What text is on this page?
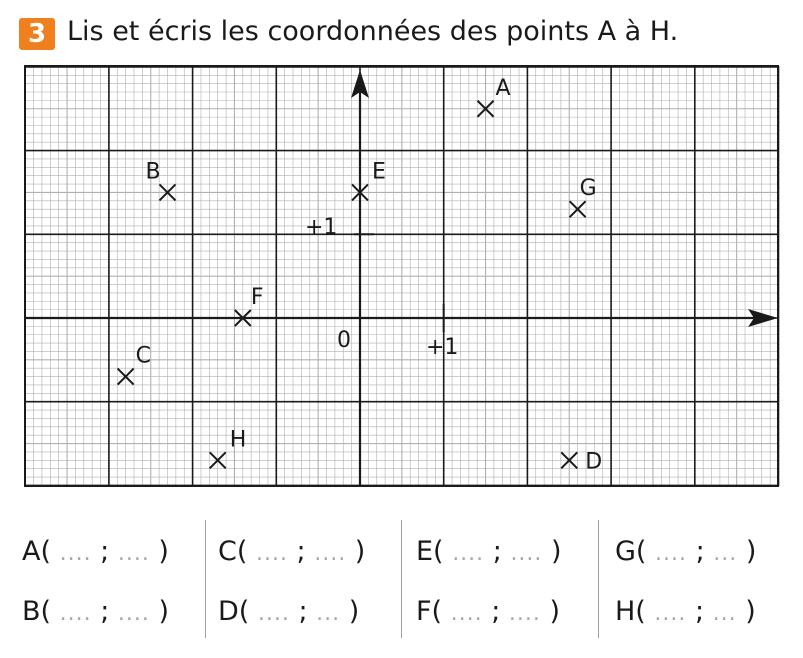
3 Lis et écris les coordonnées des points A à H.
A
B
C
D
E
F
G
H
0	+1
+1
A( .... ; .... ) C( .... ; .... ) E( .... ; .... ) G( .... ; ... )
B( .... ; .... ) D( .... ; ... ) F( .... ; .... ) H( .... ; ... )
